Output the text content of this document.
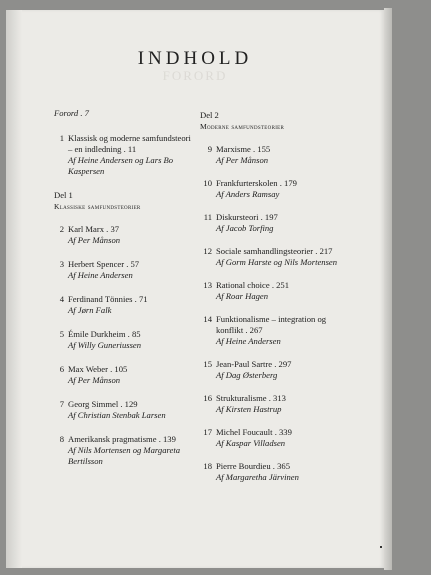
INDHOLD
FORORD
Forord . 7
1 Klassisk og moderne samfundsteori – en indledning . 11
Af Heine Andersen og Lars Bo Kaspersen
Del 1
Klassiske samfundsteorier
2 Karl Marx . 37
Af Per Månson
3 Herbert Spencer . 57
Af Heine Andersen
4 Ferdinand Tönnies . 71
Af Jørn Falk
5 Émile Durkheim . 85
Af Willy Guneriussen
6 Max Weber . 105
Af Per Månson
7 Georg Simmel . 129
Af Christian Stenbak Larsen
8 Amerikansk pragmatisme . 139
Af Nils Mortensen og Margareta Bertilsson
Del 2
Moderne samfundsteorier
9 Marxisme . 155
Af Per Månson
10 Frankfurterskolen . 179
Af Anders Ramsay
11 Diskursteori . 197
Af Jacob Torfing
12 Sociale samhandlingsteorier . 217
Af Gorm Harste og Nils Mortensen
13 Rational choice . 251
Af Roar Hagen
14 Funktionalisme – integration og konflikt . 267
Af Heine Andersen
15 Jean-Paul Sartre . 297
Af Dag Østerberg
16 Strukturalisme . 313
Af Kirsten Hastrup
17 Michel Foucault . 339
Af Kaspar Villadsen
18 Pierre Bourdieu . 365
Af Margaretha Järvinen
